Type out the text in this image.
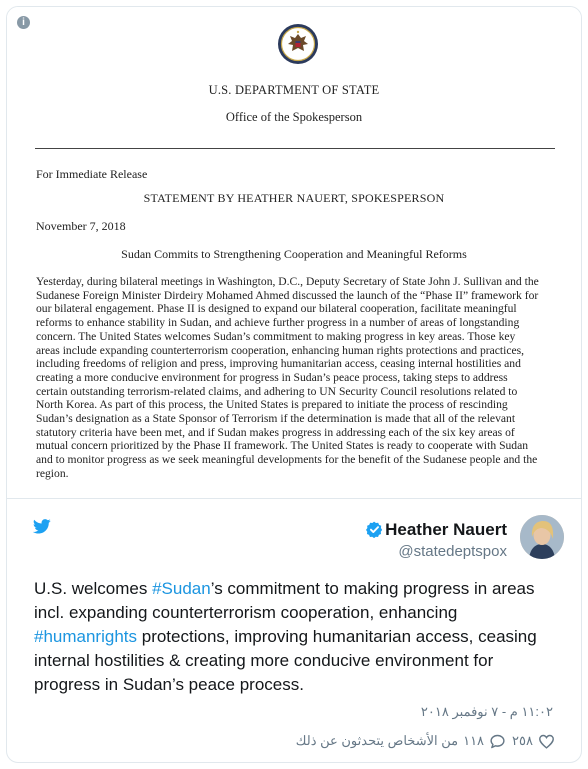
i
U.S. DEPARTMENT OF STATE
Office of the Spokesperson
For Immediate Release
STATEMENT BY HEATHER NAUERT, SPOKESPERSON
November 7, 2018
Sudan Commits to Strengthening Cooperation and Meaningful Reforms
Yesterday, during bilateral meetings in Washington, D.C., Deputy Secretary of State John J. Sullivan and the
Sudanese Foreign Minister Dirdeiry Mohamed Ahmed discussed the launch of the “Phase II” framework for
our bilateral engagement. Phase II is designed to expand our bilateral cooperation, facilitate meaningful
reforms to enhance stability in Sudan, and achieve further progress in a number of areas of longstanding
concern. The United States welcomes Sudan’s commitment to making progress in key areas. Those key
areas include expanding counterterrorism cooperation, enhancing human rights protections and practices,
including freedoms of religion and press, improving humanitarian access, ceasing internal hostilities and
creating a more conducive environment for progress in Sudan’s peace process, taking steps to address
certain outstanding terrorism-related claims, and adhering to UN Security Council resolutions related to
North Korea. As part of this process, the United States is prepared to initiate the process of rescinding
Sudan’s designation as a State Sponsor of Terrorism if the determination is made that all of the relevant
statutory criteria have been met, and if Sudan makes progress in addressing each of the six key areas of
mutual concern prioritized by the Phase II framework. The United States is ready to cooperate with Sudan
and to monitor progress as we seek meaningful developments for the benefit of the Sudanese people and the
region.
Heather Nauert
@statedeptspox
U.S. welcomes #Sudan’s commitment to making progress in areas
incl. expanding counterterrorism cooperation, enhancing
#humanrights protections, improving humanitarian access, ceasing
internal hostilities & creating more conducive environment for
progress in Sudan’s peace process.
١١:٠٢ م - ٧ نوفمبر ٢٠١٨
٢٥٨
١١٨
من الأشخاص يتحدثون عن ذلك
